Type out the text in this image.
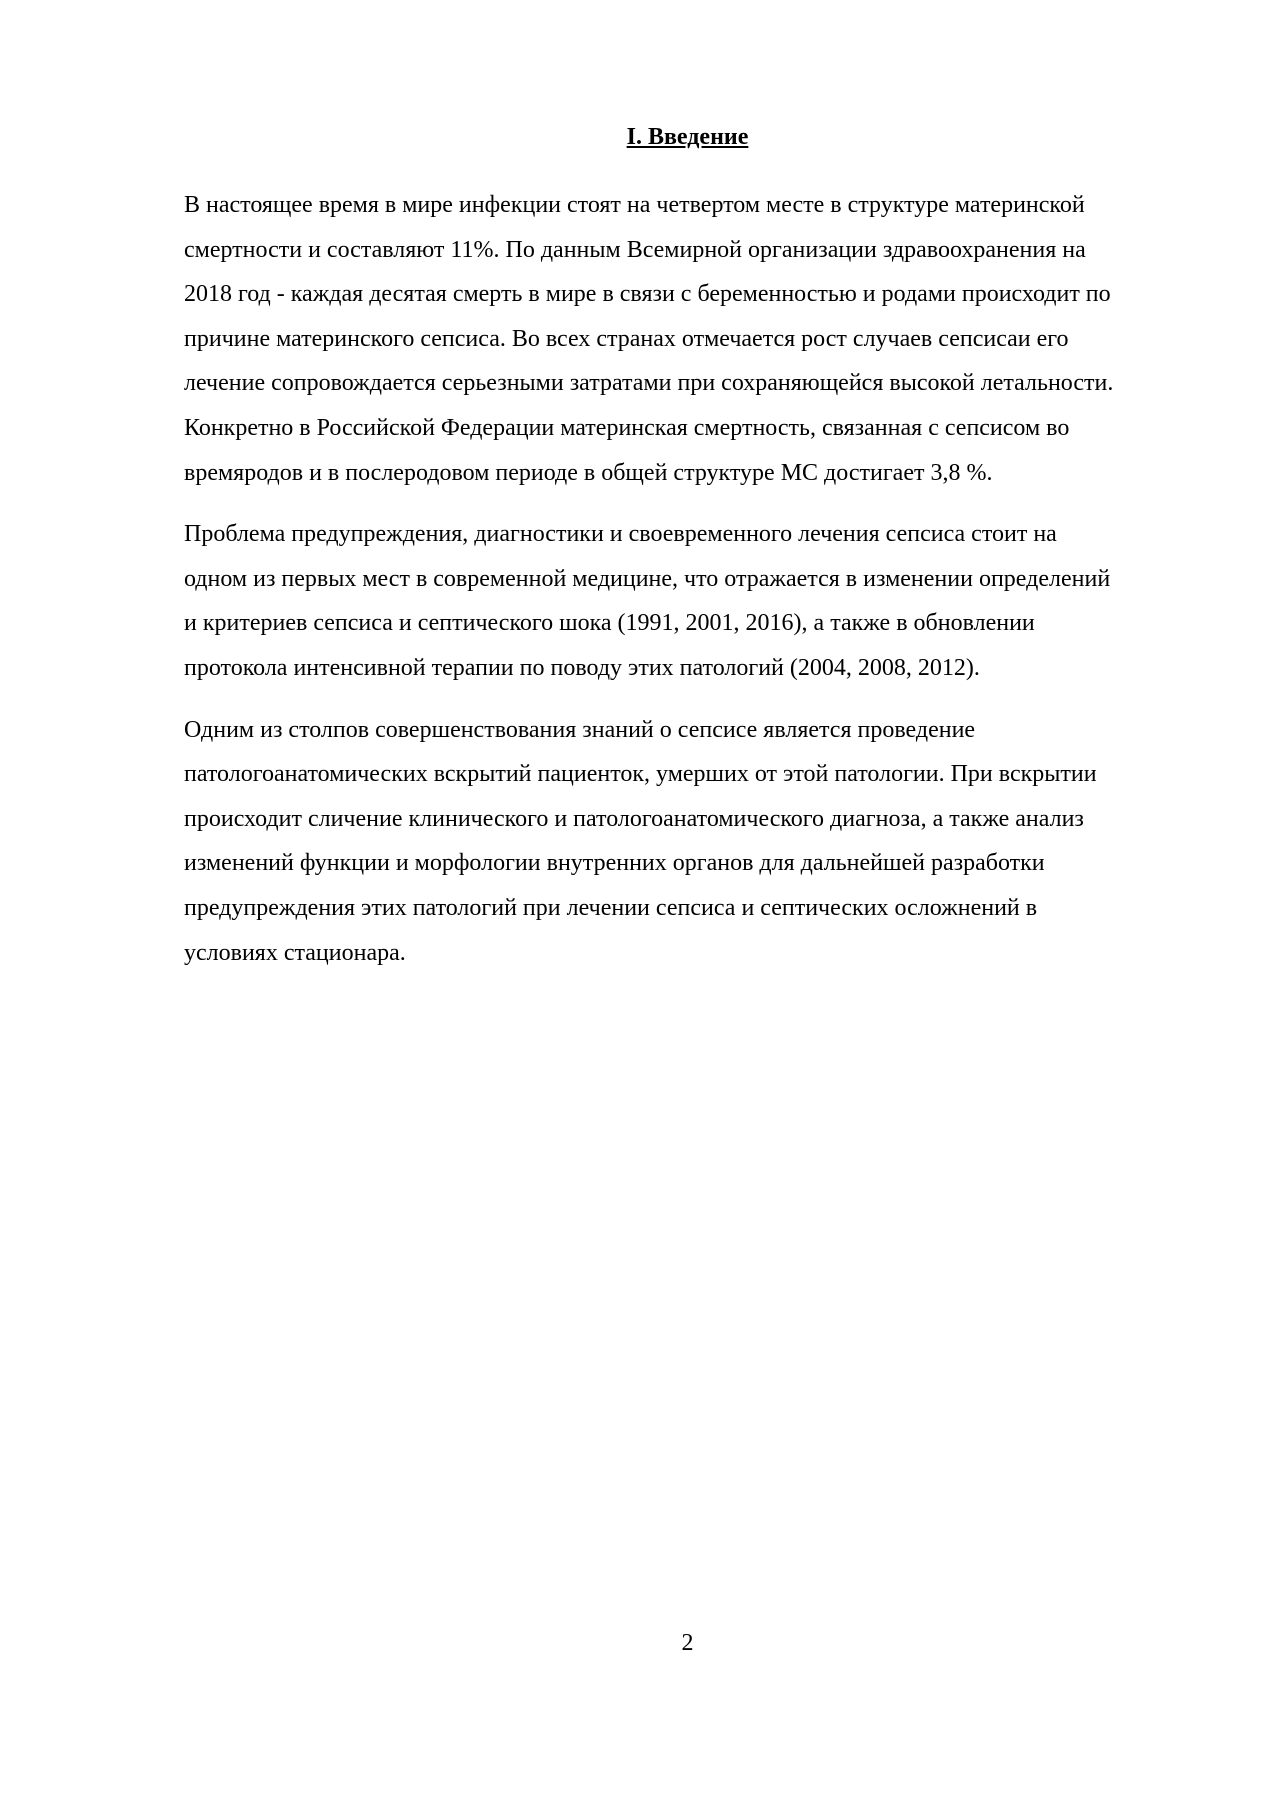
I. Введение

В настоящее время в мире инфекции стоят на четвертом месте в структуре материнской
смертности и составляют 11%. По данным Всемирной организации здравоохранения на
2018 год - каждая десятая смерть в мире в связи с беременностью и родами происходит по
причине материнского сепсиса. Во всех странах отмечается рост случаев сепсисаи его
лечение сопровождается серьезными затратами при сохраняющейся высокой летальности.
Конкретно в Российской Федерации материнская смертность, связанная с сепсисом во
времяродов и в послеродовом периоде в общей структуре МС достигает 3,8 %.

Проблема предупреждения, диагностики и своевременного лечения сепсиса стоит на
одном из первых мест в современной медицине, что отражается в изменении определений
и критериев сепсиса и септического шока (1991, 2001, 2016), а также в обновлении
протокола интенсивной терапии по поводу этих патологий (2004, 2008, 2012).

Одним из столпов совершенствования знаний о сепсисе является проведение
патологоанатомических вскрытий пациенток, умерших от этой патологии. При вскрытии
происходит сличение клинического и патологоанатомического диагноза, а также анализ
изменений функции и морфологии внутренних органов для дальнейшей разработки
предупреждения этих патологий при лечении сепсиса и септических осложнений в
условиях стационара.

2
